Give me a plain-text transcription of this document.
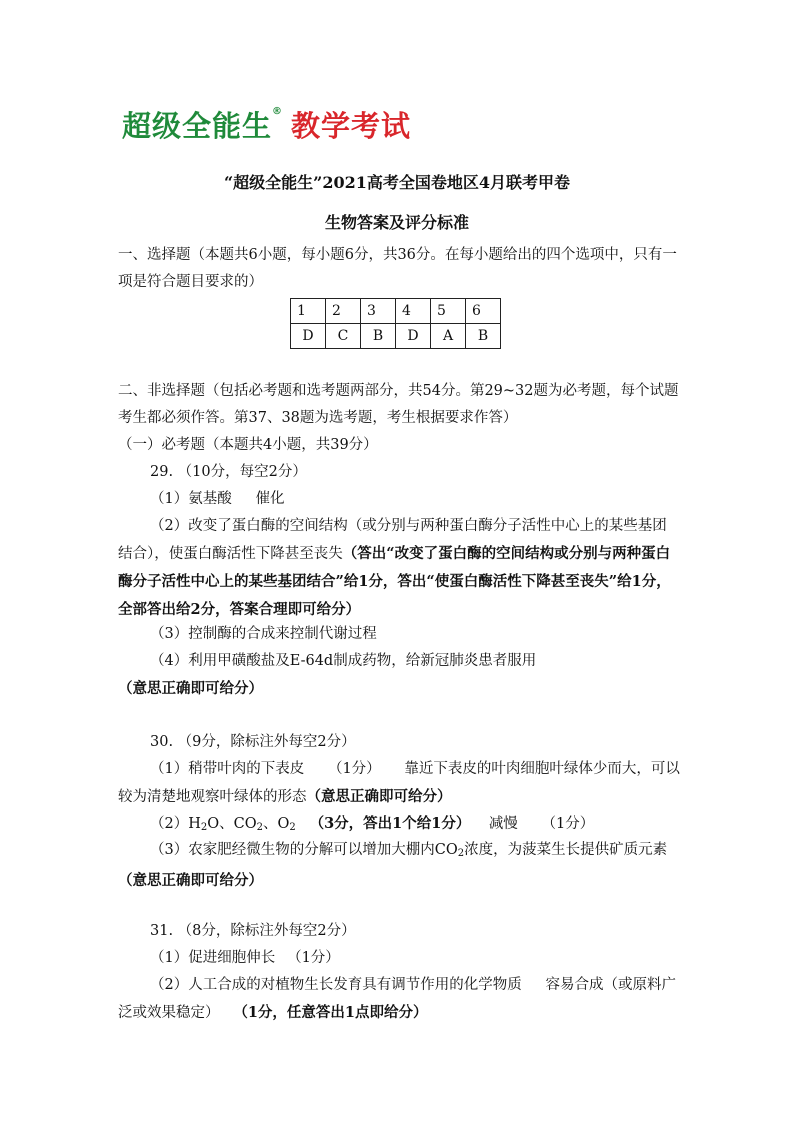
超级全能生® 教学考试
“超级全能生”2021高考全国卷地区4月联考甲卷
生物答案及评分标准
一、选择题（本题共6小题，每小题6分，共36分。在每小题给出的四个选项中，只有一项是符合题目要求的）
1	2	3	4	5	6
D	C	B	D	A	B
二、非选择题（包括必考题和选考题两部分，共54分。第29~32题为必考题，每个试题考生都必须作答。第37、38题为选考题，考生根据要求作答）
（一）必考题（本题共4小题，共39分）
29. （10分，每空2分）
（1）氨基酸 　 催化
（2）改变了蛋白酶的空间结构（或分别与两种蛋白酶分子活性中心上的某些基团结合），使蛋白酶活性下降甚至丧失（答出“改变了蛋白酶的空间结构或分别与两种蛋白酶分子活性中心上的某些基团结合”给1分，答出“使蛋白酶活性下降甚至丧失”给1分，全部答出给2分，答案合理即可给分）
（3）控制酶的合成来控制代谢过程
（4）利用甲磺酸盐及E-64d制成药物，给新冠肺炎患者服用（意思正确即可给分）
30. （9分，除标注外每空2分）
（1）稍带叶肉的下表皮 　 （1分） 　 靠近下表皮的叶肉细胞叶绿体少而大，可以较为清楚地观察叶绿体的形态（意思正确即可给分）
$(2)H_2O$、$CO_2$、$O_2$ （3分，答出1个给1分） 减慢 　 （1分）
（3）农家肥经微生物的分解可以增加大棚内$CO_2$浓度，为菠菜生长提供矿质元素（意思正确即可给分）
31. （8分，除标注外每空2分）
（1）促进细胞伸长 　（1分）
（2）人工合成的对植物生长发育具有调节作用的化学物质 　 容易合成（或原料广泛或效果稳定） （1分，任意答出1点即给分）
